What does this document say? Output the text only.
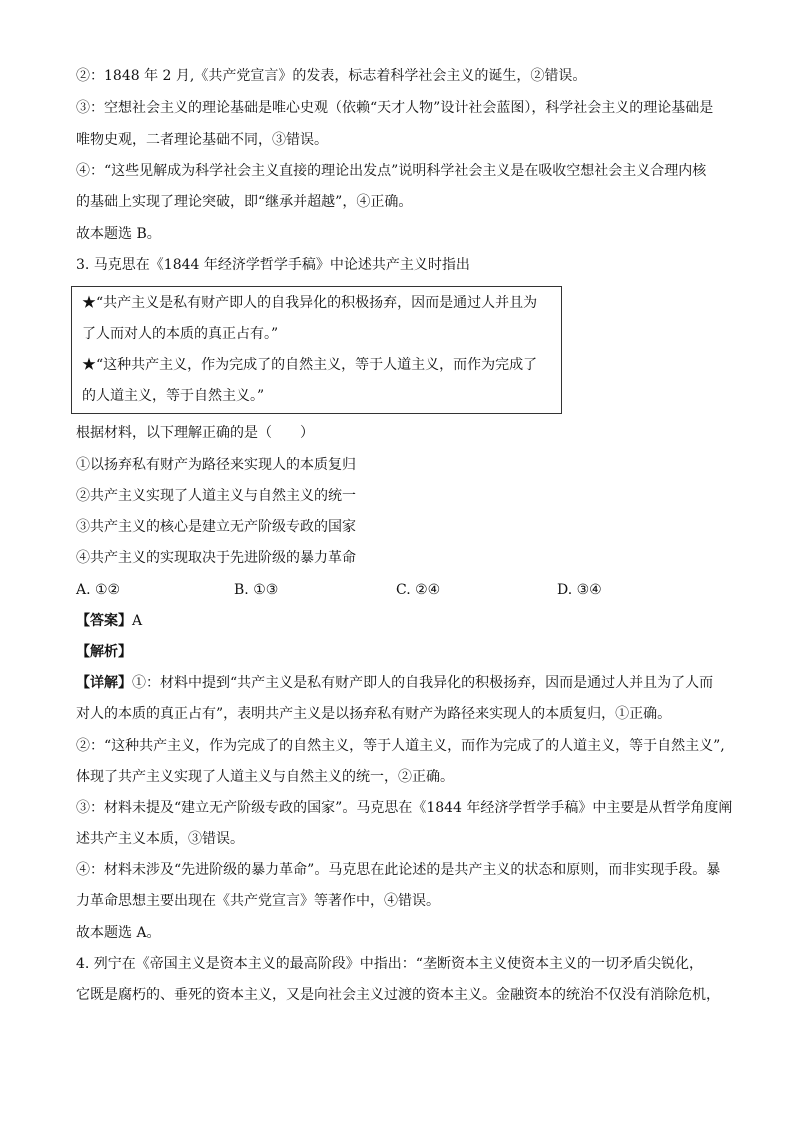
②：1848 年 2 月,《共产党宣言》的发表，标志着科学社会主义的诞生，②错误。
③：空想社会主义的理论基础是唯心史观（依赖“天才人物”设计社会蓝图），科学社会主义的理论基础是
唯物史观，二者理论基础不同，③错误。
④：“这些见解成为科学社会主义直接的理论出发点”说明科学社会主义是在吸收空想社会主义合理内核
的基础上实现了理论突破，即“继承并超越”，④正确。
故本题选 B。
3. 马克思在《1844 年经济学哲学手稿》中论述共产主义时指出
★“共产主义是私有财产即人的自我异化的积极扬弃，因而是通过人并且为
了人而对人的本质的真正占有。”
★“这种共产主义，作为完成了的自然主义，等于人道主义，而作为完成了
的人道主义，等于自然主义。”
根据材料，以下理解正确的是（　　）
①以扬弃私有财产为路径来实现人的本质复归
②共产主义实现了人道主义与自然主义的统一
③共产主义的核心是建立无产阶级专政的国家
④共产主义的实现取决于先进阶级的暴力革命
A. ①②	B. ①③	C. ②④	D. ③④
【答案】A
【解析】
【详解】①：材料中提到“共产主义是私有财产即人的自我异化的积极扬弃，因而是通过人并且为了人而
对人的本质的真正占有”，表明共产主义是以扬弃私有财产为路径来实现人的本质复归，①正确。
②：“这种共产主义，作为完成了的自然主义，等于人道主义，而作为完成了的人道主义，等于自然主义”,
体现了共产主义实现了人道主义与自然主义的统一，②正确。
③：材料未提及“建立无产阶级专政的国家”。马克思在《1844 年经济学哲学手稿》中主要是从哲学角度阐
述共产主义本质，③错误。
④：材料未涉及“先进阶级的暴力革命”。马克思在此论述的是共产主义的状态和原则，而非实现手段。暴
力革命思想主要出现在《共产党宣言》等著作中，④错误。
故本题选 A。
4. 列宁在《帝国主义是资本主义的最高阶段》中指出：“垄断资本主义使资本主义的一切矛盾尖锐化，
它既是腐朽的、垂死的资本主义，又是向社会主义过渡的资本主义。金融资本的统治不仅没有消除危机，
